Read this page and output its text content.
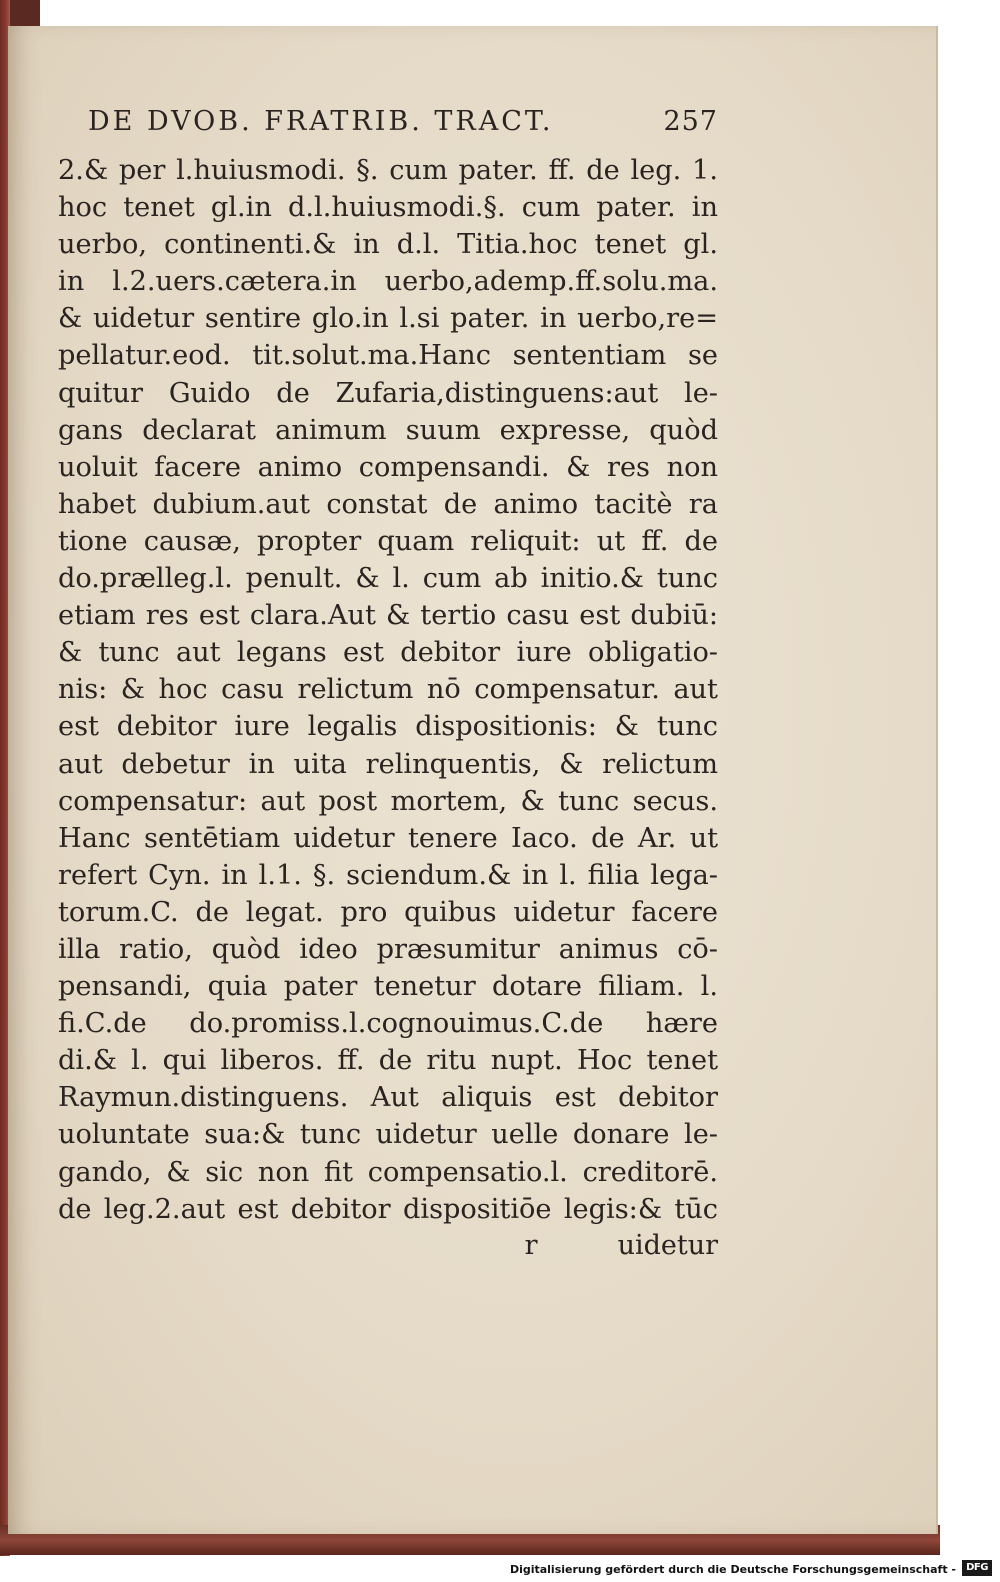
DE DVOB. FRATRIB. TRACT.	257
2.& per l.huiusmodi. §. cum pater. ff. de leg. 1.
hoc tenet gl.in d.l.huiusmodi.§. cum pater. in
uerbo, continenti.& in d.l. Titia.hoc tenet gl.
in l.2.uers.cætera.in uerbo,ademp.ff.solu.ma.
& uidetur sentire glo.in l.si pater. in uerbo,re=
pellatur.eod. tit.solut.ma.Hanc sententiam se
quitur Guido de Zufaria,distinguens:aut le-
gans declarat animum suum expresse, quòd
uoluit facere animo compensandi. & res non
habet dubium.aut constat de animo tacitè ra
tione causæ, propter quam reliquit: ut ff. de
do.prælleg.l. penult. & l. cum ab initio.& tunc
etiam res est clara.Aut & tertio casu est dubiū:
& tunc aut legans est debitor iure obligatio-
nis: & hoc casu relictum nō compensatur. aut
est debitor iure legalis dispositionis: & tunc
aut debetur in uita relinquentis, & relictum
compensatur: aut post mortem, & tunc secus.
Hanc sentētiam uidetur tenere Iaco. de Ar. ut
refert Cyn. in l.1. §. sciendum.& in l. filia lega-
torum.C. de legat. pro quibus uidetur facere
illa ratio, quòd ideo præsumitur animus cō-
pensandi, quia pater tenetur dotare filiam. l.
fi.C.de do.promiss.l.cognouimus.C.de hære
di.& l. qui liberos. ff. de ritu nupt. Hoc tenet
Raymun.distinguens. Aut aliquis est debitor
uoluntate sua:& tunc uidetur uelle donare le-
gando, & sic non fit compensatio.l. creditorē.
de leg.2.aut est debitor dispositiōe legis:& tūc
r	uidetur
Digitalisierung gefördert durch die Deutsche Forschungsgemeinschaft -	DFG
